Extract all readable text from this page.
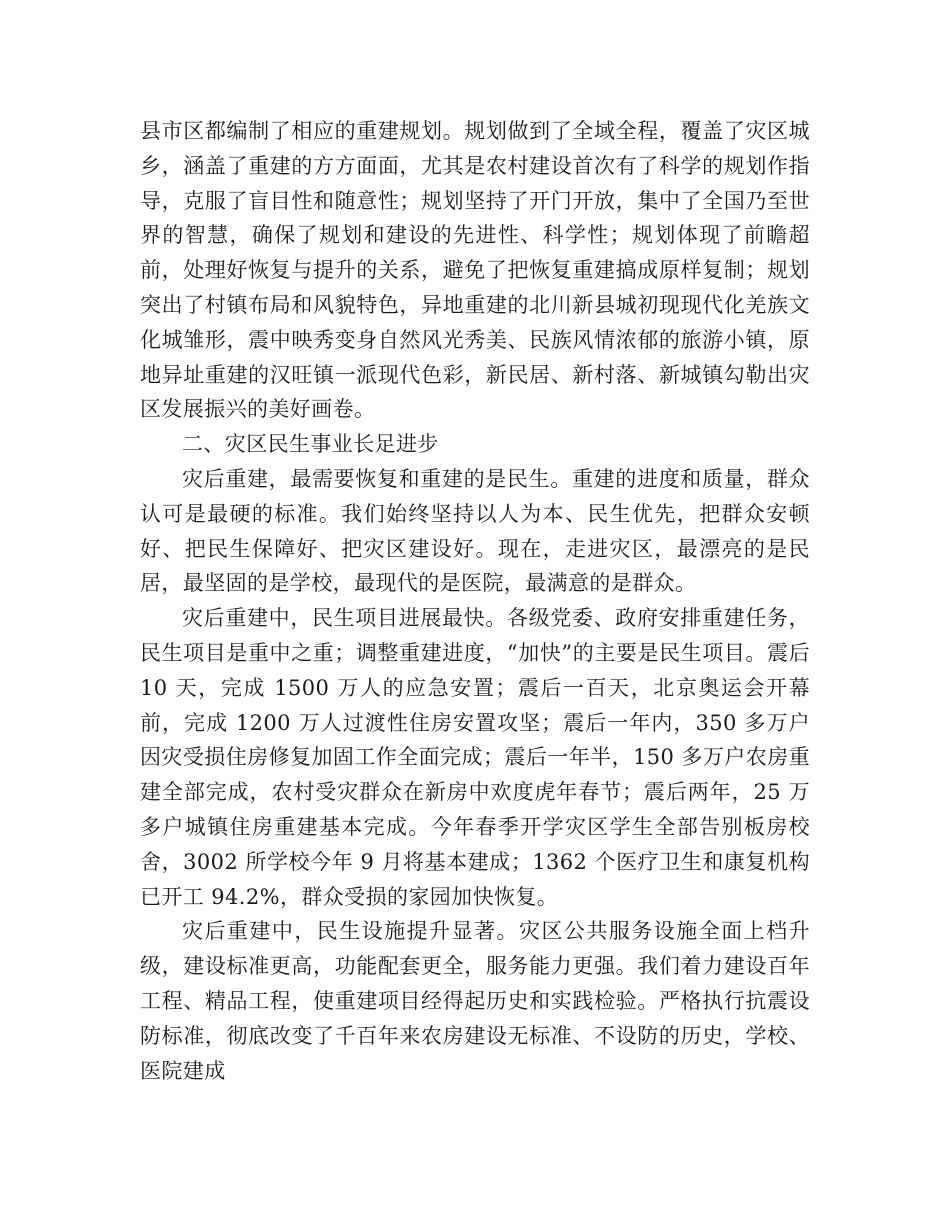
县市区都编制了相应的重建规划。规划做到了全域全程，覆盖了灾区城乡，涵盖了重建的方方面面，尤其是农村建设首次有了科学的规划作指导，克服了盲目性和随意性；规划坚持了开门开放，集中了全国乃至世界的智慧，确保了规划和建设的先进性、科学性；规划体现了前瞻超前，处理好恢复与提升的关系，避免了把恢复重建搞成原样复制；规划突出了村镇布局和风貌特色，异地重建的北川新县城初现现代化羌族文化城雏形，震中映秀变身自然风光秀美、民族风情浓郁的旅游小镇，原地异址重建的汉旺镇一派现代色彩，新民居、新村落、新城镇勾勒出灾区发展振兴的美好画卷。

二、灾区民生事业长足进步

灾后重建，最需要恢复和重建的是民生。重建的进度和质量，群众认可是最硬的标准。我们始终坚持以人为本、民生优先，把群众安顿好、把民生保障好、把灾区建设好。现在，走进灾区，最漂亮的是民居，最坚固的是学校，最现代的是医院，最满意的是群众。

灾后重建中，民生项目进展最快。各级党委、政府安排重建任务，民生项目是重中之重；调整重建进度，“加快”的主要是民生项目。震后 10 天，完成 1500 万人的应急安置；震后一百天，北京奥运会开幕前，完成 1200 万人过渡性住房安置攻坚；震后一年内，350 多万户因灾受损住房修复加固工作全面完成；震后一年半，150 多万户农房重建全部完成，农村受灾群众在新房中欢度虎年春节；震后两年，25 万多户城镇住房重建基本完成。今年春季开学灾区学生全部告别板房校舍，3002 所学校今年 9 月将基本建成；1362 个医疗卫生和康复机构已开工 94.2%，群众受损的家园加快恢复。

灾后重建中，民生设施提升显著。灾区公共服务设施全面上档升级，建设标准更高，功能配套更全，服务能力更强。我们着力建设百年工程、精品工程，使重建项目经得起历史和实践检验。严格执行抗震设防标准，彻底改变了千百年来农房建设无标准、不设防的历史，学校、医院建成
